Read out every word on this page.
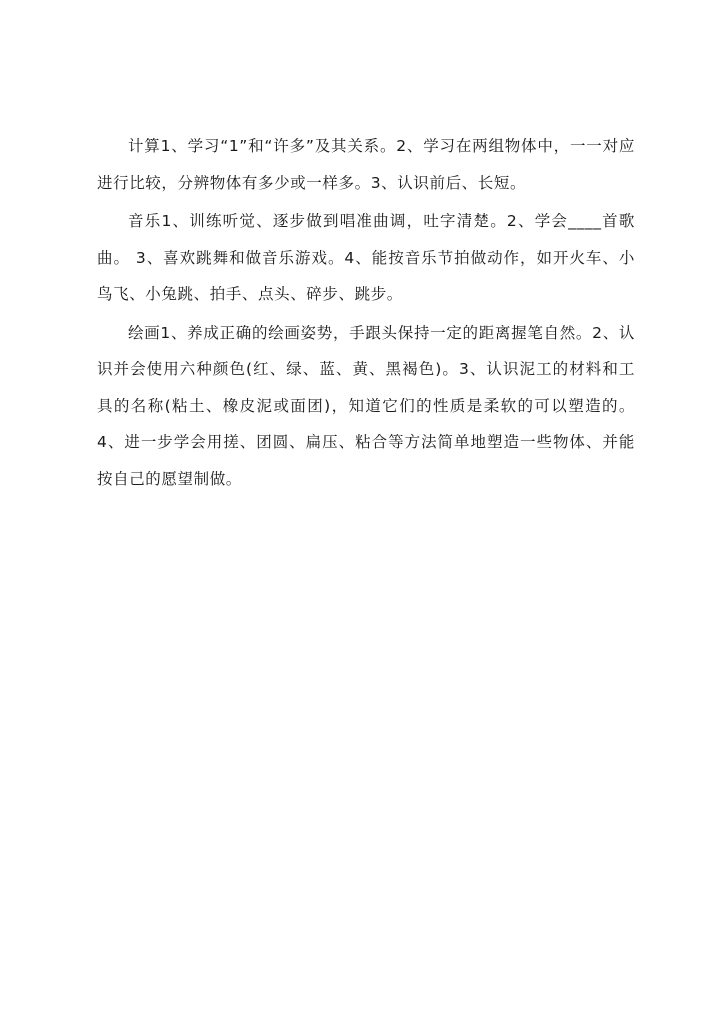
计算1、学习“1”和“许多”及其关系。2、学习在两组物体中，一一对应进行比较，分辨物体有多少或一样多。3、认识前后、长短。

音乐1、训练听觉、逐步做到唱准曲调，吐字清楚。2、学会____首歌曲。 3、喜欢跳舞和做音乐游戏。4、能按音乐节拍做动作，如开火车、小鸟飞、小兔跳、拍手、点头、碎步、跳步。

绘画1、养成正确的绘画姿势，手跟头保持一定的距离握笔自然。2、认识并会使用六种颜色(红、绿、蓝、黄、黑褐色)。3、认识泥工的材料和工具的名称(粘土、橡皮泥或面团)，知道它们的性质是柔软的可以塑造的。4、进一步学会用搓、团圆、扁压、粘合等方法简单地塑造一些物体、并能按自己的愿望制做。
